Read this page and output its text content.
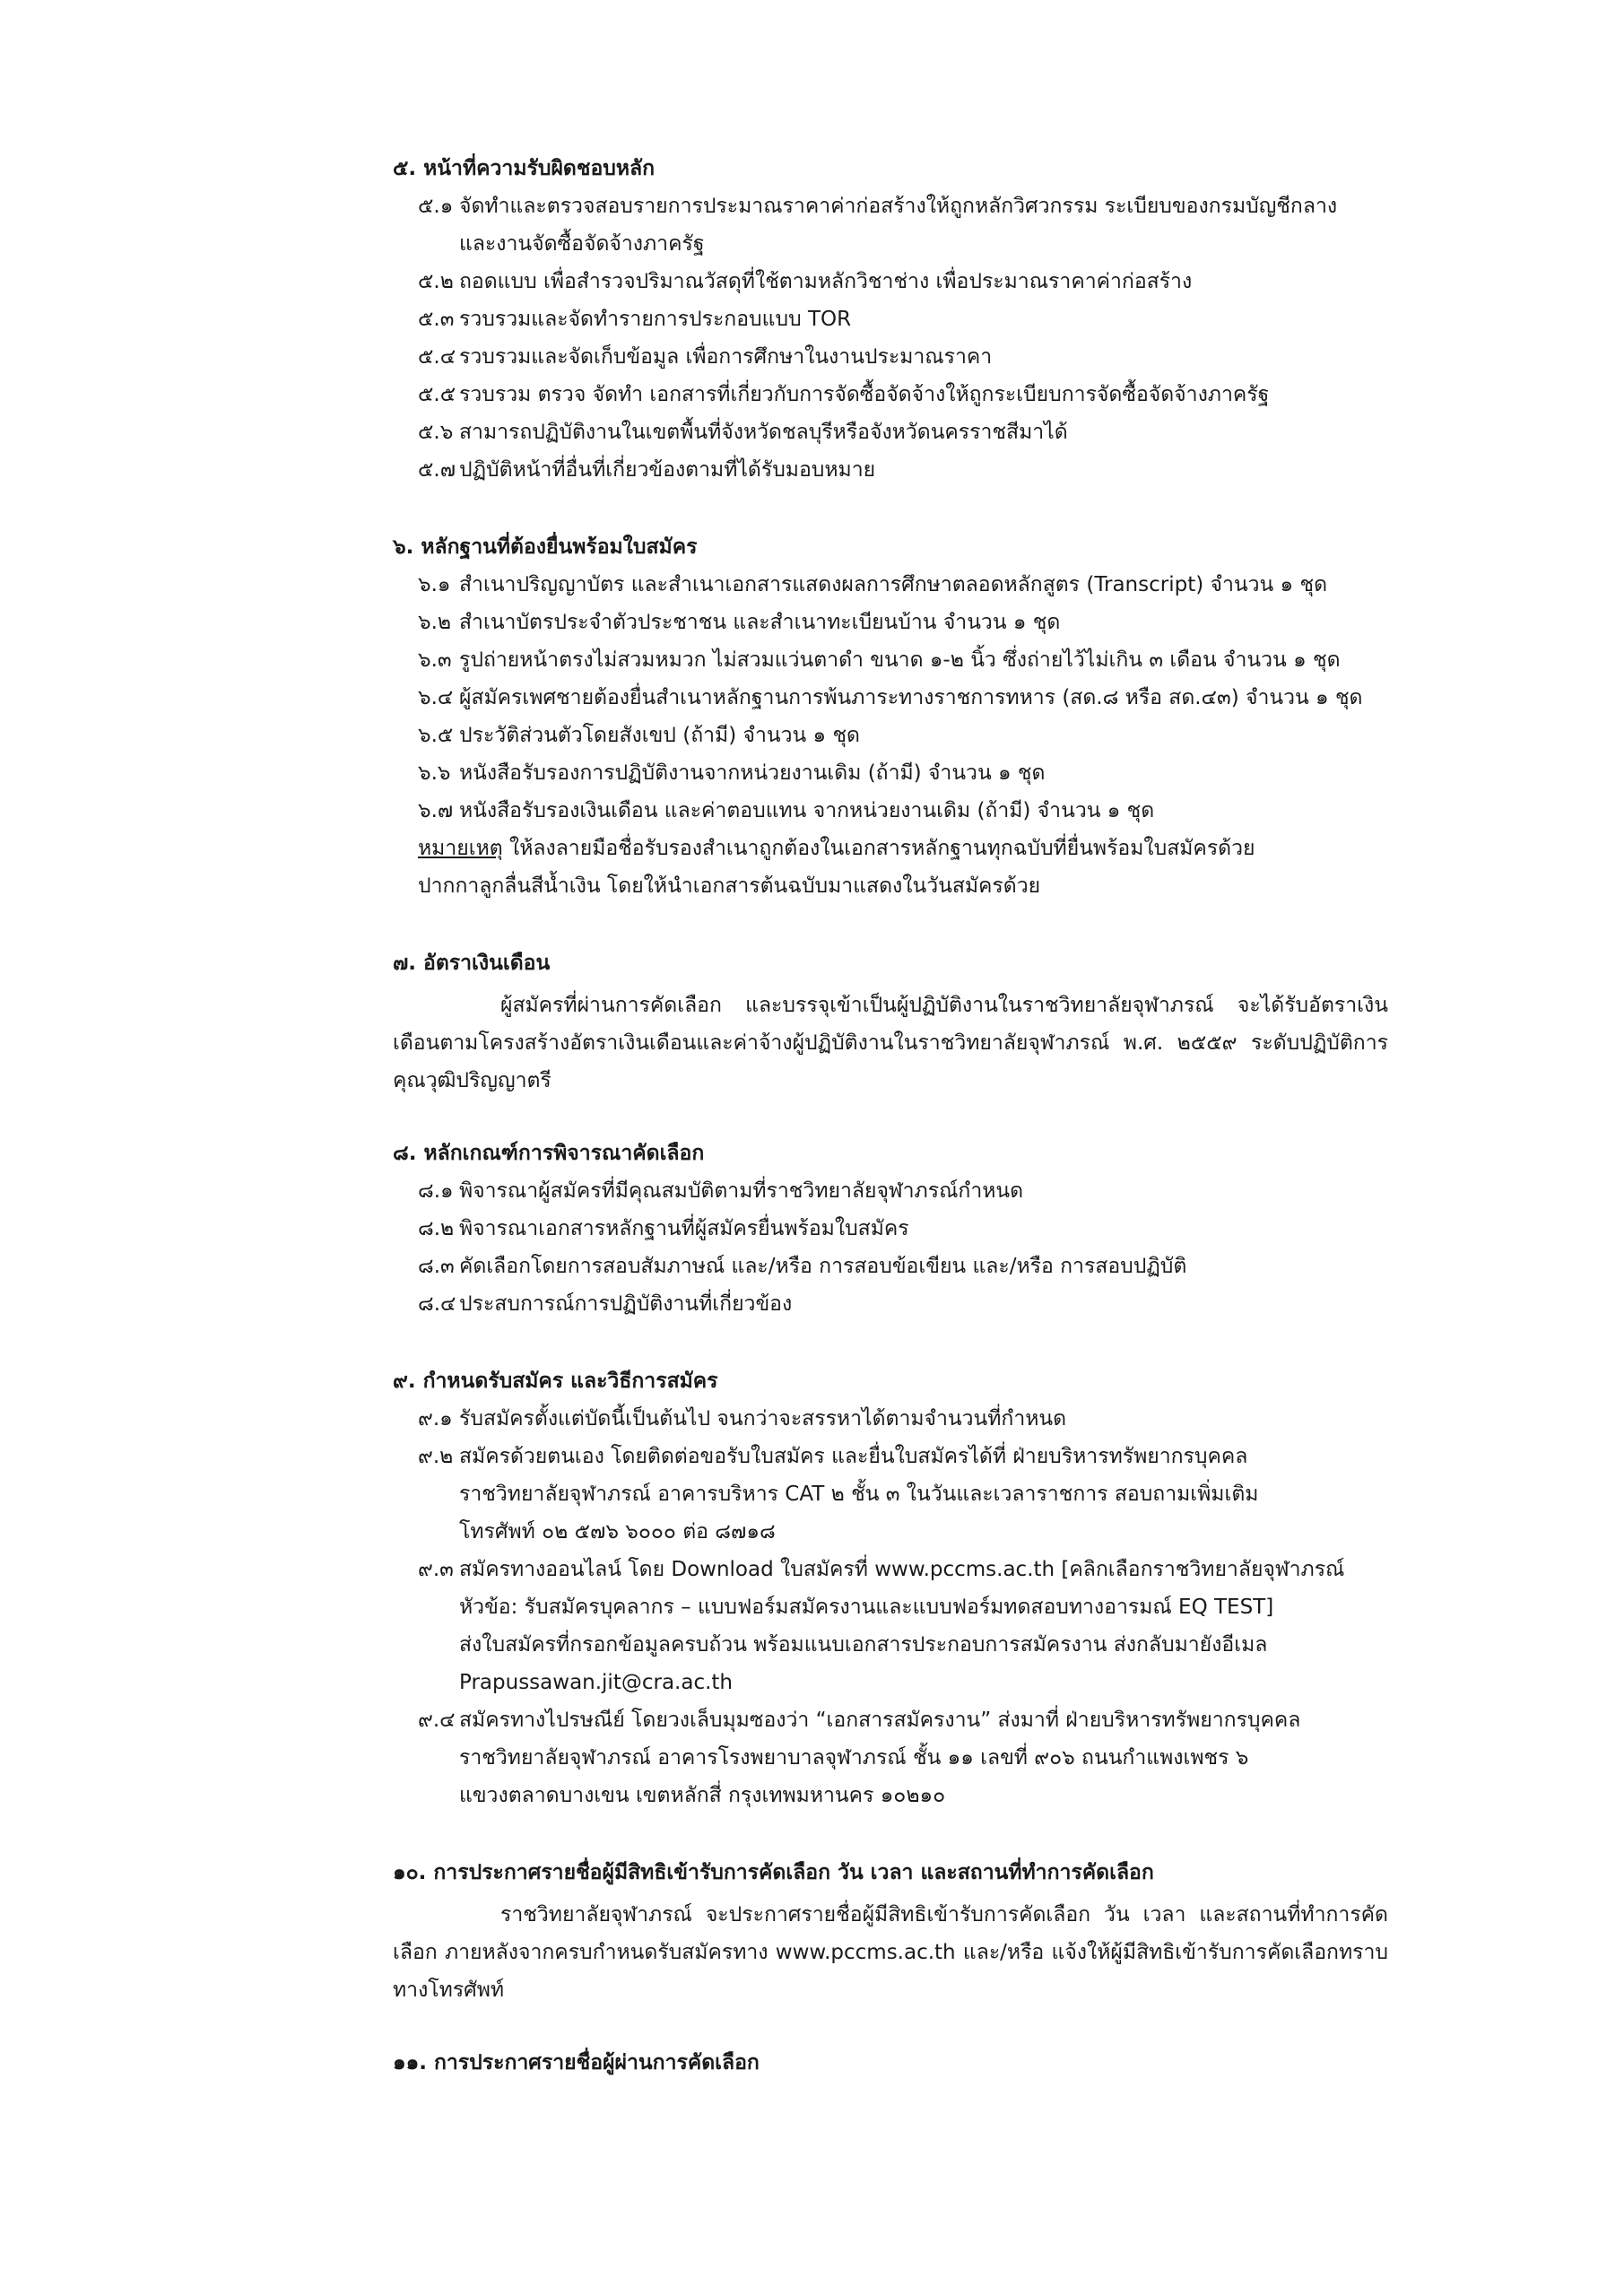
๕. หน้าที่ความรับผิดชอบหลัก
๕.๑ จัดทำและตรวจสอบรายการประมาณราคาค่าก่อสร้างให้ถูกหลักวิศวกรรม ระเบียบของกรมบัญชีกลาง
และงานจัดซื้อจัดจ้างภาครัฐ
๕.๒ ถอดแบบ เพื่อสำรวจปริมาณวัสดุที่ใช้ตามหลักวิชาช่าง เพื่อประมาณราคาค่าก่อสร้าง
๕.๓ รวบรวมและจัดทำรายการประกอบแบบ TOR
๕.๔ รวบรวมและจัดเก็บข้อมูล เพื่อการศึกษาในงานประมาณราคา
๕.๕ รวบรวม ตรวจ จัดทำ เอกสารที่เกี่ยวกับการจัดซื้อจัดจ้างให้ถูกระเบียบการจัดซื้อจัดจ้างภาครัฐ
๕.๖ สามารถปฏิบัติงานในเขตพื้นที่จังหวัดชลบุรีหรือจังหวัดนครราชสีมาได้
๕.๗ ปฏิบัติหน้าที่อื่นที่เกี่ยวข้องตามที่ได้รับมอบหมาย
๖. หลักฐานที่ต้องยื่นพร้อมใบสมัคร
๖.๑ สำเนาปริญญาบัตร และสำเนาเอกสารแสดงผลการศึกษาตลอดหลักสูตร (Transcript) จำนวน ๑ ชุด
๖.๒ สำเนาบัตรประจำตัวประชาชน และสำเนาทะเบียนบ้าน จำนวน ๑ ชุด
๖.๓ รูปถ่ายหน้าตรงไม่สวมหมวก ไม่สวมแว่นตาดำ ขนาด ๑-๒ นิ้ว ซึ่งถ่ายไว้ไม่เกิน ๓ เดือน จำนวน ๑ ชุด
๖.๔ ผู้สมัครเพศชายต้องยื่นสำเนาหลักฐานการพ้นภาระทางราชการทหาร (สด.๘ หรือ สด.๔๓) จำนวน ๑ ชุด
๖.๕ ประวัติส่วนตัวโดยสังเขป (ถ้ามี) จำนวน ๑ ชุด
๖.๖ หนังสือรับรองการปฏิบัติงานจากหน่วยงานเดิม (ถ้ามี) จำนวน ๑ ชุด
๖.๗ หนังสือรับรองเงินเดือน และค่าตอบแทน จากหน่วยงานเดิม (ถ้ามี) จำนวน ๑ ชุด
หมายเหตุ ให้ลงลายมือชื่อรับรองสำเนาถูกต้องในเอกสารหลักฐานทุกฉบับที่ยื่นพร้อมใบสมัครด้วย
ปากกาลูกลื่นสีน้ำเงิน โดยให้นำเอกสารต้นฉบับมาแสดงในวันสมัครด้วย
๗. อัตราเงินเดือน

ผู้สมัครที่ผ่านการคัดเลือก และบรรจุเข้าเป็นผู้ปฏิบัติงานในราชวิทยาลัยจุฬาภรณ์ จะได้รับอัตราเงินเดือนตามโครงสร้างอัตราเงินเดือนและค่าจ้างผู้ปฏิบัติงานในราชวิทยาลัยจุฬาภรณ์ พ.ศ. ๒๕๕๙ ระดับปฏิบัติการ คุณวุฒิปริญญาตรี

๘. หลักเกณฑ์การพิจารณาคัดเลือก
๘.๑ พิจารณาผู้สมัครที่มีคุณสมบัติตามที่ราชวิทยาลัยจุฬาภรณ์กำหนด
๘.๒ พิจารณาเอกสารหลักฐานที่ผู้สมัครยื่นพร้อมใบสมัคร
๘.๓ คัดเลือกโดยการสอบสัมภาษณ์ และ/หรือ การสอบข้อเขียน และ/หรือ การสอบปฏิบัติ
๘.๔ ประสบการณ์การปฏิบัติงานที่เกี่ยวข้อง
๙. กำหนดรับสมัคร และวิธีการสมัคร
๙.๑ รับสมัครตั้งแต่บัดนี้เป็นต้นไป จนกว่าจะสรรหาได้ตามจำนวนที่กำหนด
๙.๒ สมัครด้วยตนเอง โดยติดต่อขอรับใบสมัคร และยื่นใบสมัครได้ที่ ฝ่ายบริหารทรัพยากรบุคคล
ราชวิทยาลัยจุฬาภรณ์ อาคารบริหาร CAT ๒ ชั้น ๓ ในวันและเวลาราชการ สอบถามเพิ่มเติม
โทรศัพท์ ๐๒ ๕๗๖ ๖๐๐๐ ต่อ ๘๗๑๘
๙.๓ สมัครทางออนไลน์ โดย Download ใบสมัครที่ www.pccms.ac.th [คลิกเลือกราชวิทยาลัยจุฬาภรณ์
หัวข้อ: รับสมัครบุคลากร – แบบฟอร์มสมัครงานและแบบฟอร์มทดสอบทางอารมณ์ EQ TEST]
ส่งใบสมัครที่กรอกข้อมูลครบถ้วน พร้อมแนบเอกสารประกอบการสมัครงาน ส่งกลับมายังอีเมล
Prapussawan.jit@cra.ac.th
๙.๔ สมัครทางไปรษณีย์ โดยวงเล็บมุมซองว่า “เอกสารสมัครงาน” ส่งมาที่ ฝ่ายบริหารทรัพยากรบุคคล
ราชวิทยาลัยจุฬาภรณ์ อาคารโรงพยาบาลจุฬาภรณ์ ชั้น ๑๑ เลขที่ ๙๐๖ ถนนกำแพงเพชร ๖
แขวงตลาดบางเขน เขตหลักสี่ กรุงเทพมหานคร ๑๐๒๑๐
๑๐. การประกาศรายชื่อผู้มีสิทธิเข้ารับการคัดเลือก วัน เวลา และสถานที่ทำการคัดเลือก

ราชวิทยาลัยจุฬาภรณ์ จะประกาศรายชื่อผู้มีสิทธิเข้ารับการคัดเลือก วัน เวลา และสถานที่ทำการคัดเลือก ภายหลังจากครบกำหนดรับสมัครทาง www.pccms.ac.th และ/หรือ แจ้งให้ผู้มีสิทธิเข้ารับการคัดเลือกทราบทางโทรศัพท์

๑๑. การประกาศรายชื่อผู้ผ่านการคัดเลือก
